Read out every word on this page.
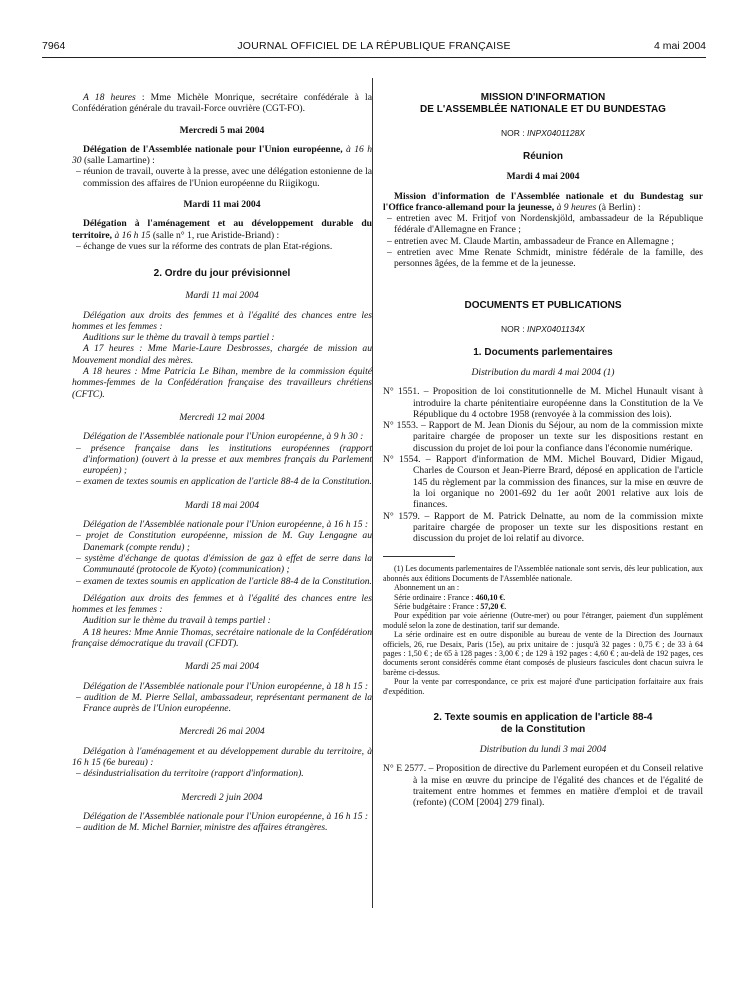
7964	JOURNAL OFFICIEL DE LA RÉPUBLIQUE FRANÇAISE	4 mai 2004

A 18 heures : Mme Michèle Monrique, secrétaire confédérale à la Confédération générale du travail-Force ouvrière (CGT-FO).

Mercredi 5 mai 2004

Délégation de l'Assemblée nationale pour l'Union européenne, à 16 h 30 (salle Lamartine) :

– réunion de travail, ouverte à la presse, avec une délégation estonienne de la commission des affaires de l'Union européenne du Riigikogu.

Mardi 11 mai 2004

Délégation à l'aménagement et au développement durable du territoire, à 16 h 15 (salle n° 1, rue Aristide-Briand) :

– échange de vues sur la réforme des contrats de plan Etat-régions.

2. Ordre du jour prévisionnel

Mardi 11 mai 2004

Délégation aux droits des femmes et à l'égalité des chances entre les hommes et les femmes :

Auditions sur le thème du travail à temps partiel :

A 17 heures : Mme Marie-Laure Desbrosses, chargée de mission au Mouvement mondial des mères.

A 18 heures : Mme Patricia Le Bihan, membre de la commission équité hommes-femmes de la Confédération française des travailleurs chrétiens (CFTC).

Mercredi 12 mai 2004

Délégation de l'Assemblée nationale pour l'Union européenne, à 9 h 30 :

– présence française dans les institutions européennes (rapport d'information) (ouvert à la presse et aux membres français du Parlement européen) ;

– examen de textes soumis en application de l'article 88-4 de la Constitution.

Mardi 18 mai 2004

Délégation de l'Assemblée nationale pour l'Union européenne, à 16 h 15 :

– projet de Constitution européenne, mission de M. Guy Lengagne au Danemark (compte rendu) ;

– système d'échange de quotas d'émission de gaz à effet de serre dans la Communauté (protocole de Kyoto) (communication) ;

– examen de textes soumis en application de l'article 88-4 de la Constitution.

Délégation aux droits des femmes et à l'égalité des chances entre les hommes et les femmes :

Audition sur le thème du travail à temps partiel :

A 18 heures: Mme Annie Thomas, secrétaire nationale de la Confédération française démocratique du travail (CFDT).

Mardi 25 mai 2004

Délégation de l'Assemblée nationale pour l'Union européenne, à 18 h 15 :

– audition de M. Pierre Sellal, ambassadeur, représentant permanent de la France auprès de l'Union européenne.

Mercredi 26 mai 2004

Délégation à l'aménagement et au développement durable du territoire, à 16 h 15 (6e bureau) :

– désindustrialisation du territoire (rapport d'information).

Mercredi 2 juin 2004

Délégation de l'Assemblée nationale pour l'Union européenne, à 16 h 15 :

– audition de M. Michel Barnier, ministre des affaires étrangères.

MISSION D'INFORMATION
DE L'ASSEMBLÉE NATIONALE ET DU BUNDESTAG

NOR : INPX0401128X

Réunion

Mardi 4 mai 2004

Mission d'information de l'Assemblée nationale et du Bundestag sur l'Office franco-allemand pour la jeunesse, à 9 heures (à Berlin) :

– entretien avec M. Fritjof von Nordenskjöld, ambassadeur de la République fédérale d'Allemagne en France ;

– entretien avec M. Claude Martin, ambassadeur de France en Allemagne ;

– entretien avec Mme Renate Schmidt, ministre fédérale de la famille, des personnes âgées, de la femme et de la jeunesse.

DOCUMENTS ET PUBLICATIONS

NOR : INPX0401134X

1. Documents parlementaires

Distribution du mardi 4 mai 2004 (1)

N° 1551. – Proposition de loi constitutionnelle de M. Michel Hunault visant à introduire la charte pénitentiaire européenne dans la Constitution de la Ve République du 4 octobre 1958 (renvoyée à la commission des lois).

N° 1553. – Rapport de M. Jean Dionis du Séjour, au nom de la commission mixte paritaire chargée de proposer un texte sur les dispositions restant en discussion du projet de loi pour la confiance dans l'économie numérique.

N° 1554. – Rapport d'information de MM. Michel Bouvard, Didier Migaud, Charles de Courson et Jean-Pierre Brard, déposé en application de l'article 145 du règlement par la commission des finances, sur la mise en œuvre de la loi organique no 2001-692 du 1er août 2001 relative aux lois de finances.

N° 1579. – Rapport de M. Patrick Delnatte, au nom de la commission mixte paritaire chargée de proposer un texte sur les dispositions restant en discussion du projet de loi relatif au divorce.

(1) Les documents parlementaires de l'Assemblée nationale sont servis, dès leur publication, aux abonnés aux éditions Documents de l'Assemblée nationale.

Abonnement un an :

Série ordinaire : France : 460,10 €.

Série budgétaire : France : 57,20 €.

Pour expédition par voie aérienne (Outre-mer) ou pour l'étranger, paiement d'un supplément modulé selon la zone de destination, tarif sur demande.

La série ordinaire est en outre disponible au bureau de vente de la Direction des Journaux officiels, 26, rue Desaix, Paris (15e), au prix unitaire de : jusqu'à 32 pages : 0,75 € ; de 33 à 64 pages : 1,50 € ; de 65 à 128 pages : 3,00 € ; de 129 à 192 pages : 4,60 € ; au-delà de 192 pages, ces documents seront considérés comme étant composés de plusieurs fascicules dont chacun suivra le barème ci-dessus.

Pour la vente par correspondance, ce prix est majoré d'une participation forfaitaire aux frais d'expédition.

2. Texte soumis en application de l'article 88-4
de la Constitution

Distribution du lundi 3 mai 2004

N° E 2577. – Proposition de directive du Parlement européen et du Conseil relative à la mise en œuvre du principe de l'égalité des chances et de l'égalité de traitement entre hommes et femmes en matière d'emploi et de travail (refonte) (COM [2004] 279 final).
